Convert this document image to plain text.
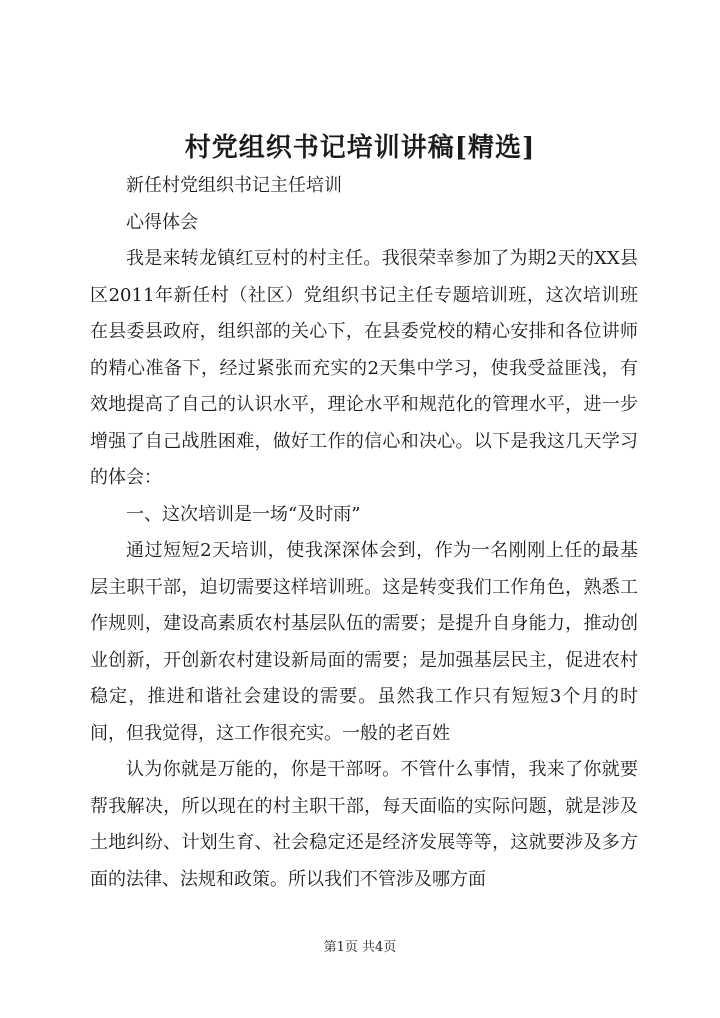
村党组织书记培训讲稿[精选]

新任村党组织书记主任培训

心得体会

我是来转龙镇红豆村的村主任。我很荣幸参加了为期2天的XX县区2011年新任村（社区）党组织书记主任专题培训班，这次培训班在县委县政府，组织部的关心下，在县委党校的精心安排和各位讲师的精心准备下，经过紧张而充实的2天集中学习，使我受益匪浅，有效地提高了自己的认识水平，理论水平和规范化的管理水平，进一步增强了自己战胜困难，做好工作的信心和决心。以下是我这几天学习的体会：

一、这次培训是一场“及时雨”

通过短短2天培训，使我深深体会到，作为一名刚刚上任的最基层主职干部，迫切需要这样培训班。这是转变我们工作角色，熟悉工作规则，建设高素质农村基层队伍的需要；是提升自身能力，推动创业创新，开创新农村建设新局面的需要；是加强基层民主，促进农村稳定，推进和谐社会建设的需要。虽然我工作只有短短3个月的时间，但我觉得，这工作很充实。一般的老百姓

认为你就是万能的，你是干部呀。不管什么事情，我来了你就要帮我解决，所以现在的村主职干部，每天面临的实际问题，就是涉及土地纠纷、计划生育、社会稳定还是经济发展等等，这就要涉及多方面的法律、法规和政策。所以我们不管涉及哪方面

第1页 共4页
